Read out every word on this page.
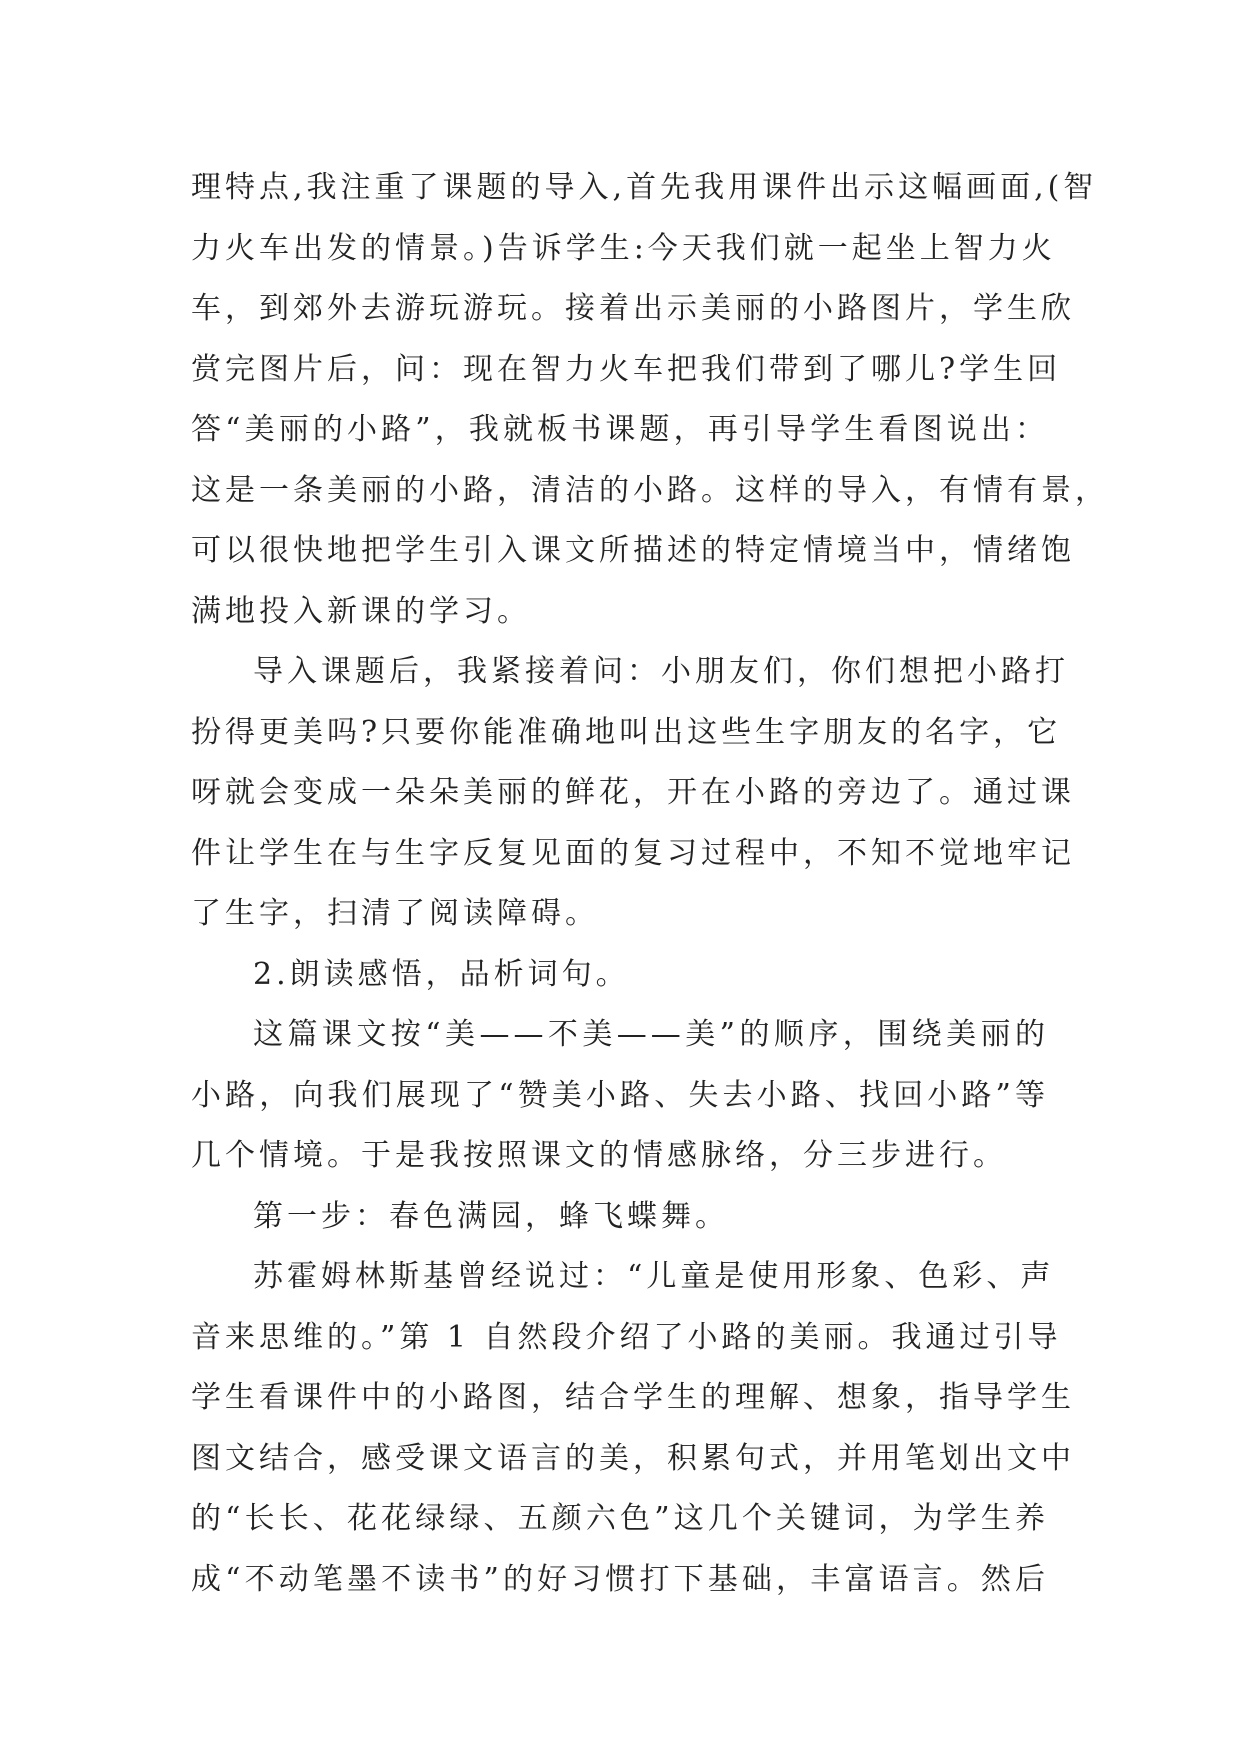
理特点,我注重了课题的导入,首先我用课件出示这幅画面,(智
力火车出发的情景。)告诉学生:今天我们就一起坐上智力火
车，到郊外去游玩游玩。接着出示美丽的小路图片，学生欣
赏完图片后，问：现在智力火车把我们带到了哪儿?学生回
答“美丽的小路”，我就板书课题，再引导学生看图说出：
这是一条美丽的小路，清洁的小路。这样的导入，有情有景，
可以很快地把学生引入课文所描述的特定情境当中，情绪饱
满地投入新课的学习。
导入课题后，我紧接着问：小朋友们，你们想把小路打
扮得更美吗?只要你能准确地叫出这些生字朋友的名字，它
呀就会变成一朵朵美丽的鲜花，开在小路的旁边了。通过课
件让学生在与生字反复见面的复习过程中，不知不觉地牢记
了生字，扫清了阅读障碍。
2.朗读感悟，品析词句。
这篇课文按“美——不美——美”的顺序，围绕美丽的
小路，向我们展现了“赞美小路、失去小路、找回小路”等
几个情境。于是我按照课文的情感脉络，分三步进行。
第一步：春色满园，蜂飞蝶舞。
苏霍姆林斯基曾经说过：“儿童是使用形象、色彩、声
音来思维的。”第 1 自然段介绍了小路的美丽。我通过引导
学生看课件中的小路图，结合学生的理解、想象，指导学生
图文结合，感受课文语言的美，积累句式，并用笔划出文中
的“长长、花花绿绿、五颜六色”这几个关键词，为学生养
成“不动笔墨不读书”的好习惯打下基础，丰富语言。然后
